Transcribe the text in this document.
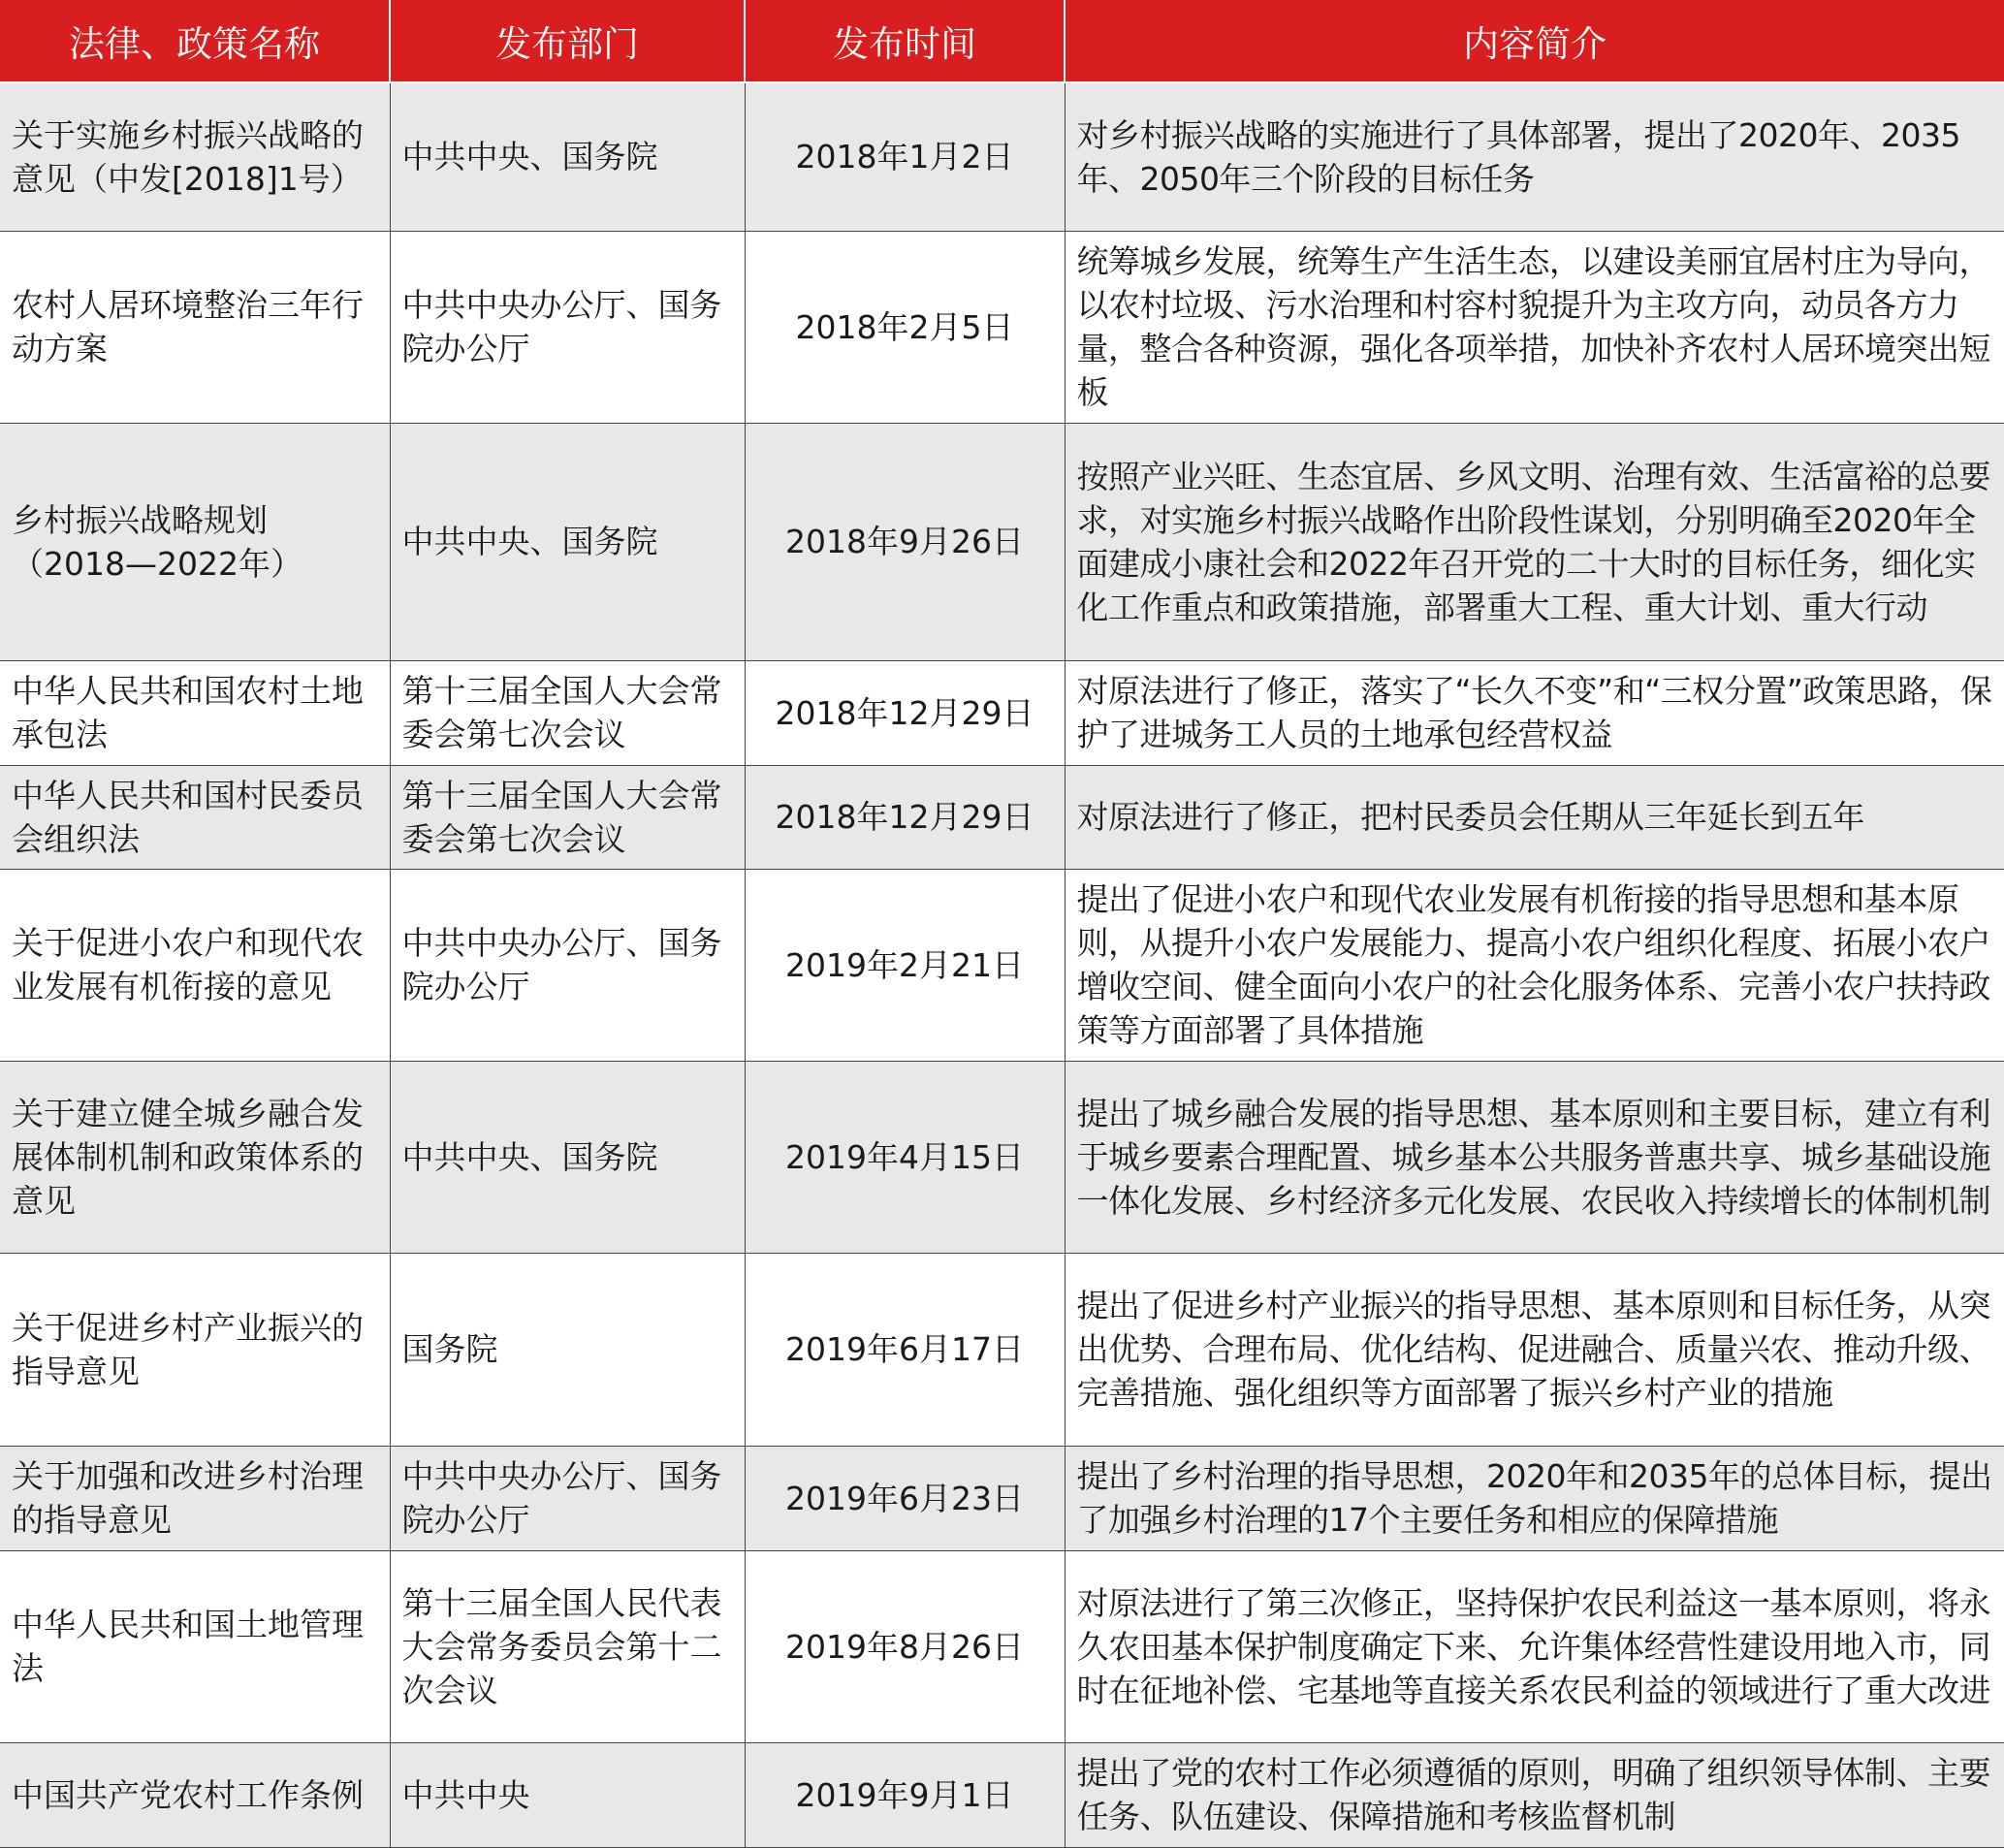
法律、政策名称	发布部门	发布时间	内容简介
关于实施乡村振兴战略的意见（中发[2018]1号）	中共中央、国务院	2018年1月2日	对乡村振兴战略的实施进行了具体部署，提出了2020年、2035年、2050年三个阶段的目标任务
农村人居环境整治三年行动方案	中共中央办公厅、国务院办公厅	2018年2月5日	统筹城乡发展，统筹生产生活生态，以建设美丽宜居村庄为导向，以农村垃圾、污水治理和村容村貌提升为主攻方向，动员各方力量，整合各种资源，强化各项举措，加快补齐农村人居环境突出短板
乡村振兴战略规划（2018—2022年）	中共中央、国务院	2018年9月26日	按照产业兴旺、生态宜居、乡风文明、治理有效、生活富裕的总要求，对实施乡村振兴战略作出阶段性谋划，分别明确至2020年全面建成小康社会和2022年召开党的二十大时的目标任务，细化实化工作重点和政策措施，部署重大工程、重大计划、重大行动
中华人民共和国农村土地承包法	第十三届全国人大会常委会第七次会议	2018年12月29日	对原法进行了修正，落实了“长久不变”和“三权分置”政策思路，保护了进城务工人员的土地承包经营权益
中华人民共和国村民委员会组织法	第十三届全国人大会常委会第七次会议	2018年12月29日	对原法进行了修正，把村民委员会任期从三年延长到五年
关于促进小农户和现代农业发展有机衔接的意见	中共中央办公厅、国务院办公厅	2019年2月21日	提出了促进小农户和现代农业发展有机衔接的指导思想和基本原则，从提升小农户发展能力、提高小农户组织化程度、拓展小农户增收空间、健全面向小农户的社会化服务体系、完善小农户扶持政策等方面部署了具体措施
关于建立健全城乡融合发展体制机制和政策体系的意见	中共中央、国务院	2019年4月15日	提出了城乡融合发展的指导思想、基本原则和主要目标，建立有利于城乡要素合理配置、城乡基本公共服务普惠共享、城乡基础设施一体化发展、乡村经济多元化发展、农民收入持续增长的体制机制
关于促进乡村产业振兴的指导意见	国务院	2019年6月17日	提出了促进乡村产业振兴的指导思想、基本原则和目标任务，从突出优势、合理布局、优化结构、促进融合、质量兴农、推动升级、完善措施、强化组织等方面部署了振兴乡村产业的措施
关于加强和改进乡村治理的指导意见	中共中央办公厅、国务院办公厅	2019年6月23日	提出了乡村治理的指导思想，2020年和2035年的总体目标，提出了加强乡村治理的17个主要任务和相应的保障措施
中华人民共和国土地管理法	第十三届全国人民代表大会常务委员会第十二次会议	2019年8月26日	对原法进行了第三次修正，坚持保护农民利益这一基本原则，将永久农田基本保护制度确定下来、允许集体经营性建设用地入市，同时在征地补偿、宅基地等直接关系农民利益的领域进行了重大改进
中国共产党农村工作条例	中共中央	2019年9月1日	提出了党的农村工作必须遵循的原则，明确了组织领导体制、主要任务、队伍建设、保障措施和考核监督机制
